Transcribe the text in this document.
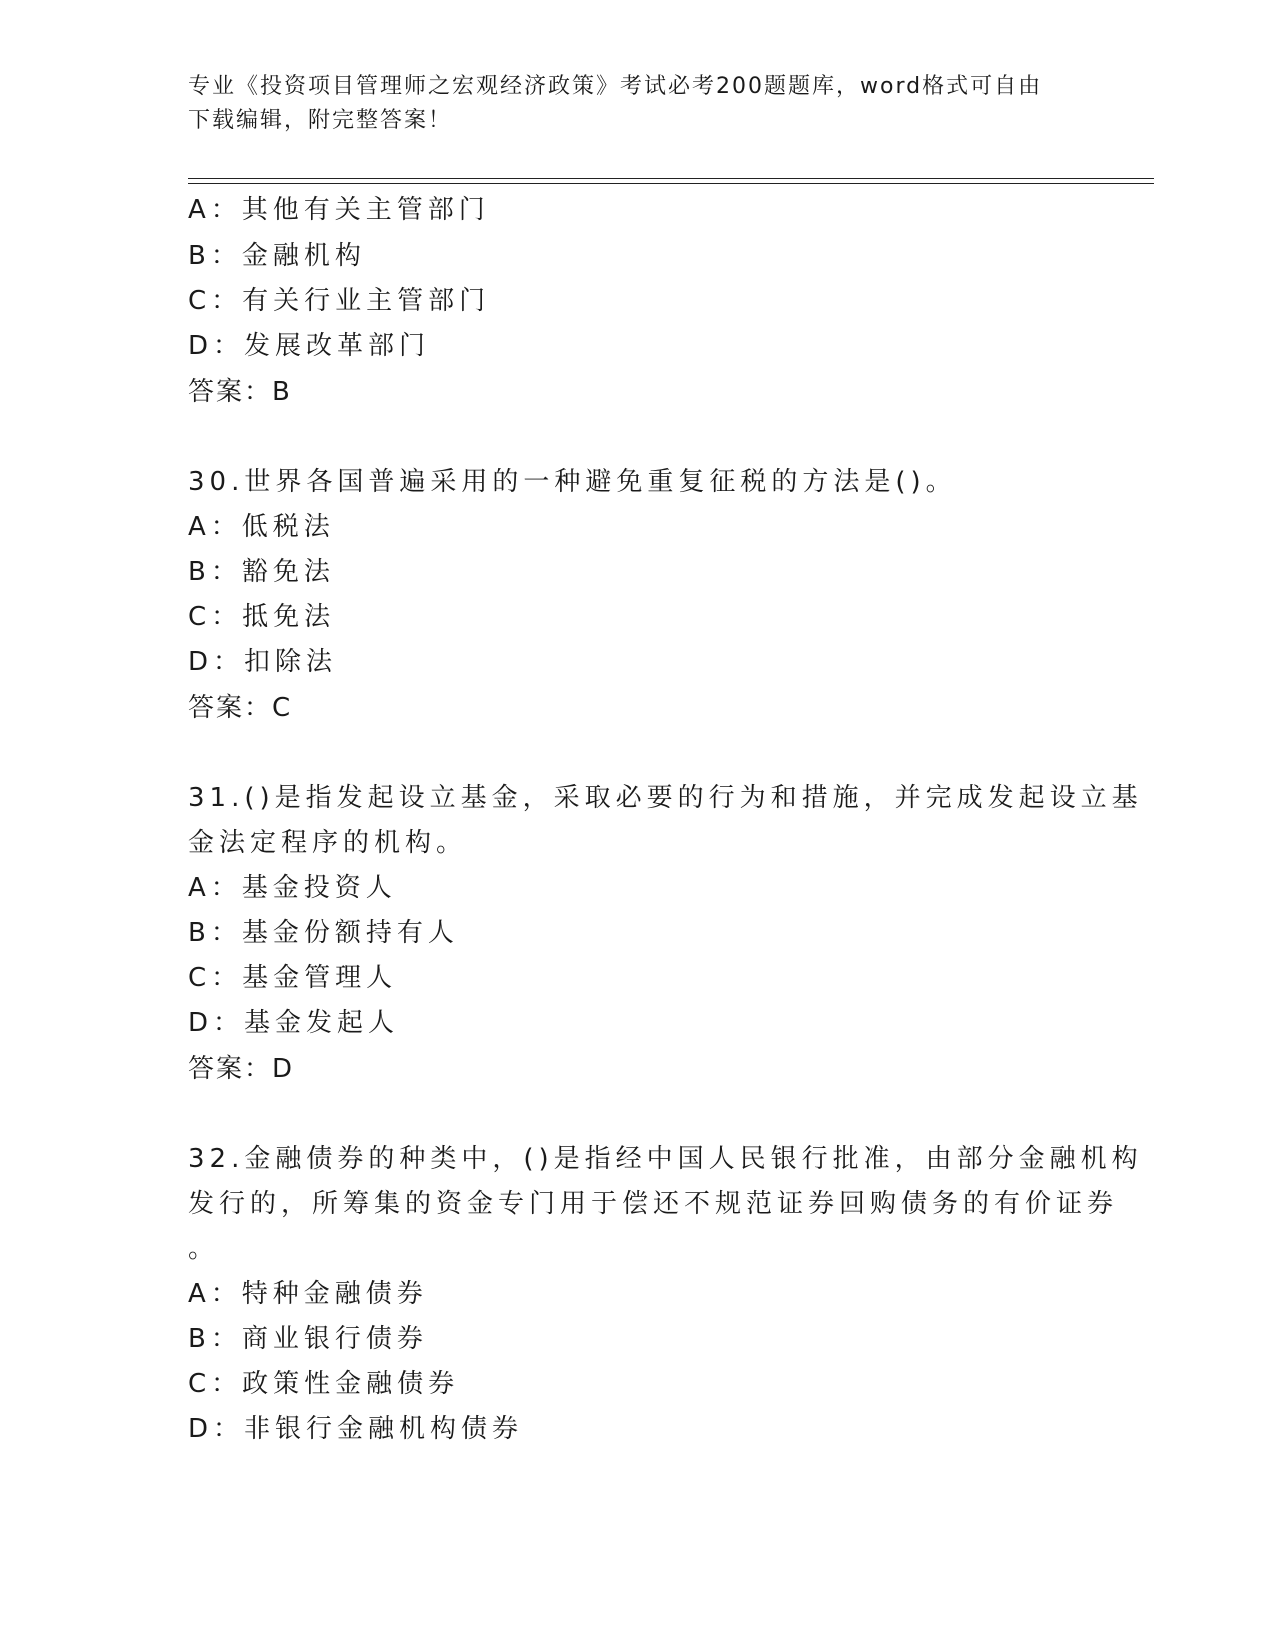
专业《投资项目管理师之宏观经济政策》考试必考200题题库，word格式可自由
下载编辑，附完整答案！
A：其他有关主管部门
B：金融机构
C：有关行业主管部门
D：发展改革部门
答案：B
30.世界各国普遍采用的一种避免重复征税的方法是()。
A：低税法
B：豁免法
C：抵免法
D：扣除法
答案：C
31.()是指发起设立基金，采取必要的行为和措施，并完成发起设立基
金法定程序的机构。
A：基金投资人
B：基金份额持有人
C：基金管理人
D：基金发起人
答案：D
32.金融债券的种类中，()是指经中国人民银行批准，由部分金融机构
发行的，所筹集的资金专门用于偿还不规范证券回购债务的有价证券
。
A：特种金融债券
B：商业银行债券
C：政策性金融债券
D：非银行金融机构债券
